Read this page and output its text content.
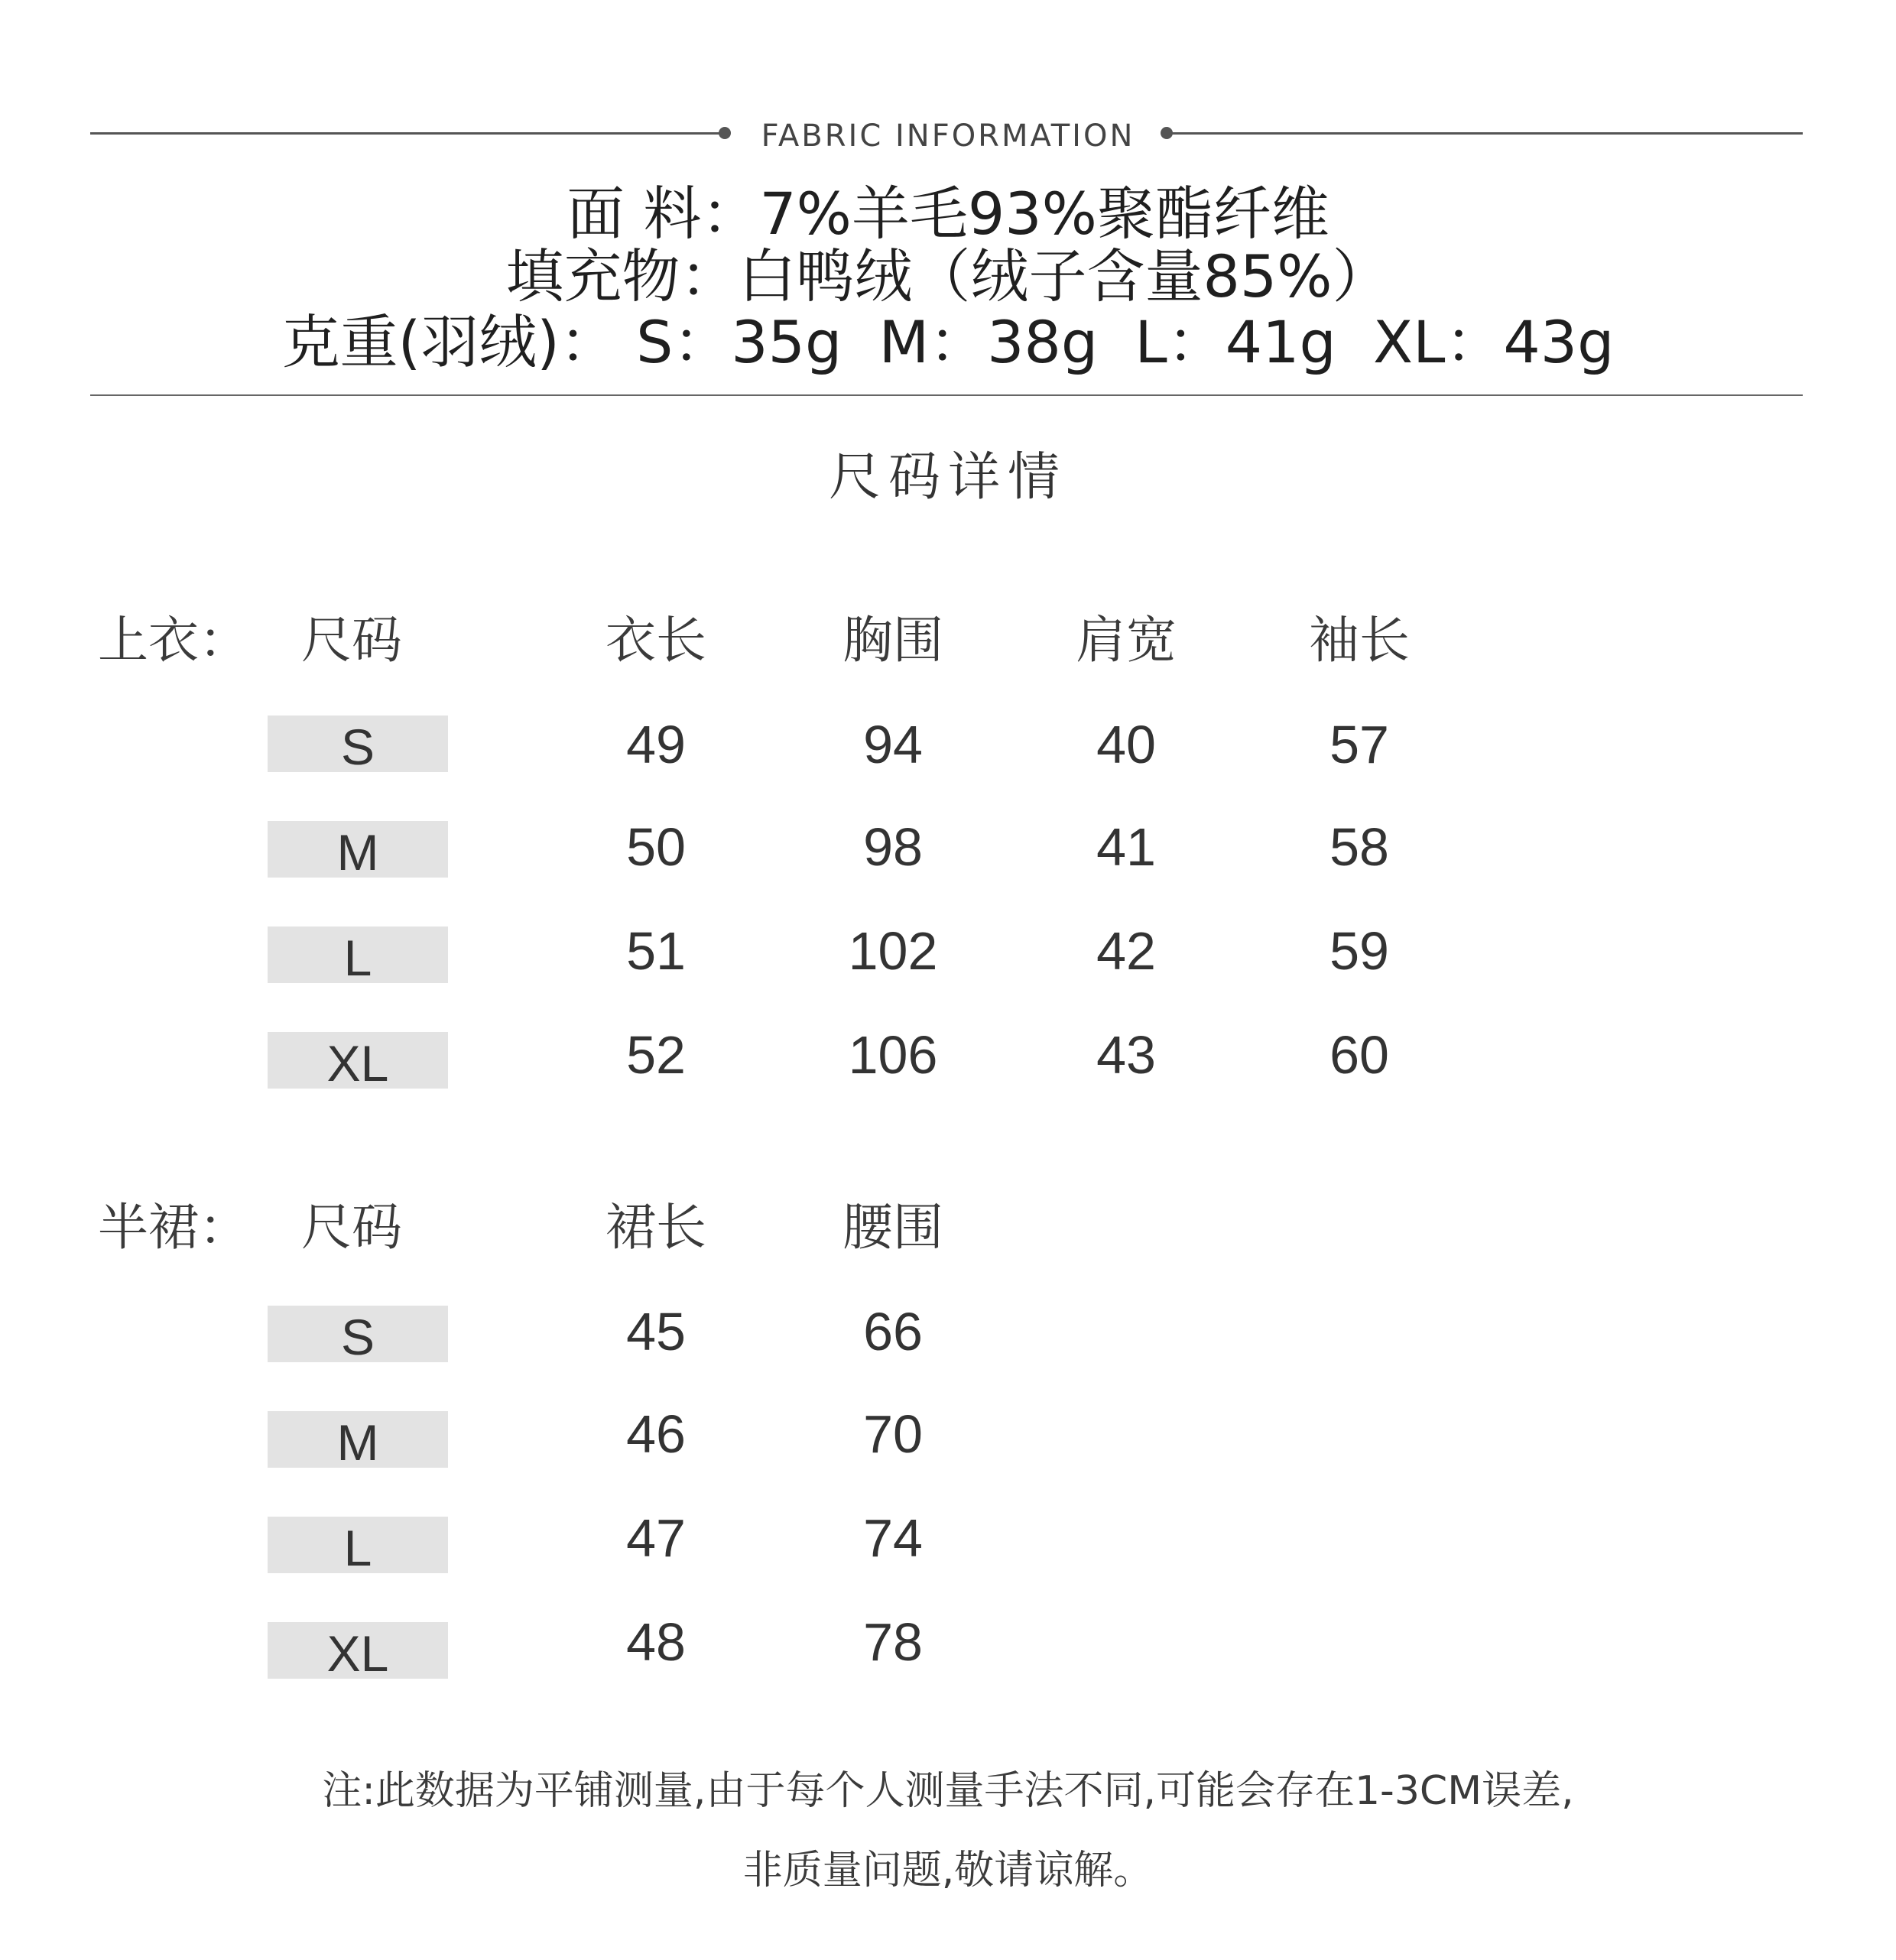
FABRIC INFORMATION
面 料：7%羊毛93%聚酯纤维
填充物：白鸭绒（绒子含量85%）
克重(羽绒)： S：35g  M：38g  L：41g  XL：43g
尺码详情
上衣： 尺码	衣长	胸围	肩宽	袖长
S	49	94	40	57
M	50	98	41	58
L	51	102	42	59
XL	52	106	43	60
半裙： 尺码	裙长	腰围
S	45	66
M	46	70
L	47	74
XL	48	78
注:此数据为平铺测量,由于每个人测量手法不同,可能会存在1-3CM误差,
非质量问题,敬请谅解。
